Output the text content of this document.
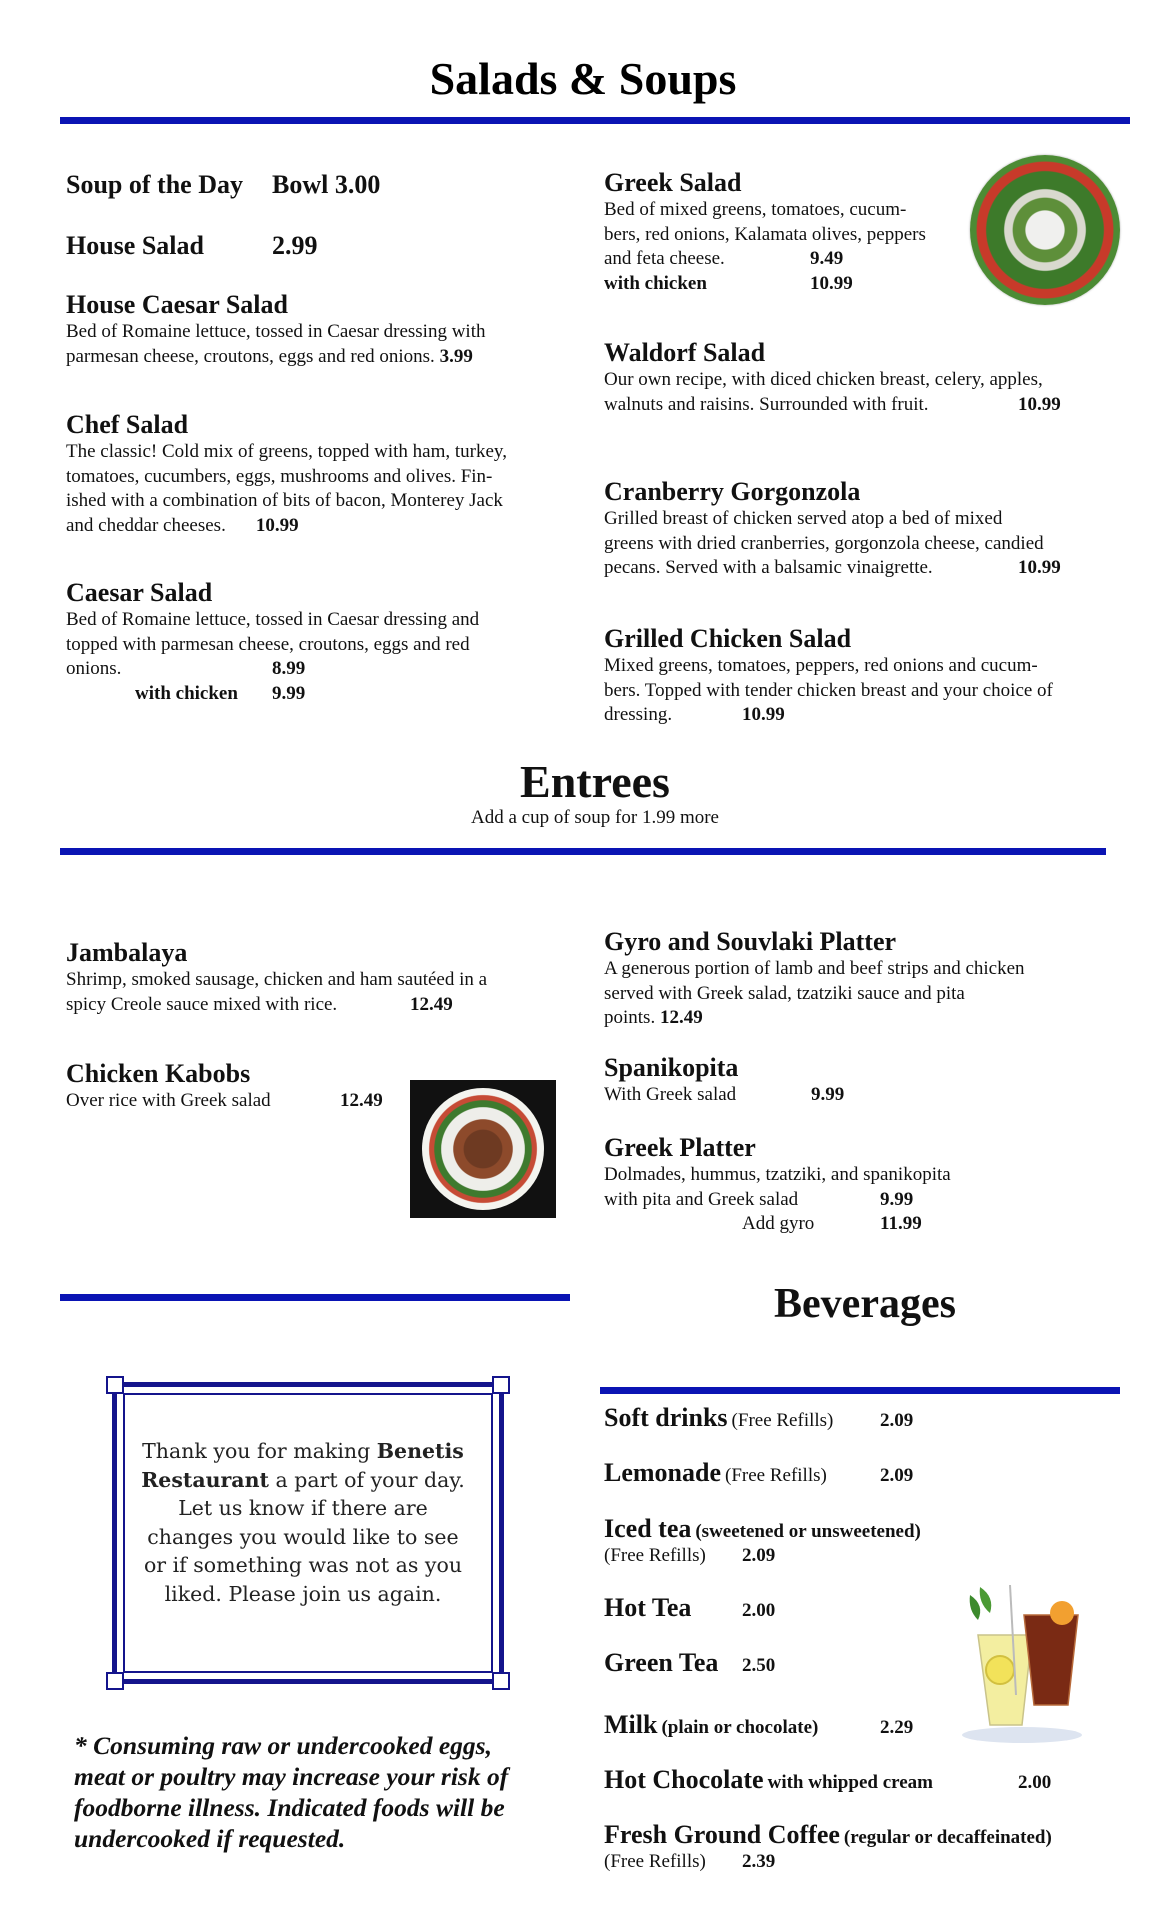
Salads & Soups
Soup of the Day Bowl 3.00
House Salad	2.99
House Caesar Salad
Bed of Romaine lettuce, tossed in Caesar dressing with
parmesan cheese, croutons, eggs and red onions. 3.99
Chef Salad
The classic! Cold mix of greens, topped with ham, turkey,
tomatoes, cucumbers, eggs, mushrooms and olives. Fin-
ished with a combination of bits of bacon, Monterey Jack
and cheddar cheeses. 10.99
Caesar Salad
Bed of Romaine lettuce, tossed in Caesar dressing and
topped with parmesan cheese, croutons, eggs and red
onions.	8.99
with chicken 9.99

Greek Salad
Bed of mixed greens, tomatoes, cucum-
bers, red onions, Kalamata olives, peppers
and feta cheese.	9.49
with chicken	10.99
Waldorf Salad
Our own recipe, with diced chicken breast, celery, apples,
walnuts and raisins. Surrounded with fruit.	10.99
Cranberry Gorgonzola
Grilled breast of chicken served atop a bed of mixed
greens with dried cranberries, gorgonzola cheese, candied
pecans. Served with a balsamic vinaigrette.	10.99
Grilled Chicken Salad
Mixed greens, tomatoes, peppers, red onions and cucum-
bers. Topped with tender chicken breast and your choice of
dressing.	10.99
Entrees
Add a cup of soup for 1.99 more
Jambalaya
Shrimp, smoked sausage, chicken and ham sautéed in a
spicy Creole sauce mixed with rice.	12.49
Chicken Kabobs
Over rice with Greek salad	12.49
Gyro and Souvlaki Platter
A generous portion of lamb and beef strips and chicken
served with Greek salad, tzatziki sauce and pita
points. 12.49
Spanikopita
With Greek salad	9.99
Greek Platter
Dolmades, hummus, tzatziki, and spanikopita
with pita and Greek salad	9.99
Add gyro	11.99

Beverages
Thank you for making Benetis
Restaurant a part of your day.
Let us know if there are
changes you would like to see
or if something was not as you
liked. Please join us again.
* Consuming raw or undercooked eggs,
meat or poultry may increase your risk of
foodborne illness. Indicated foods will be
undercooked if requested.
Soft drinks (Free Refills) 2.09
Lemonade (Free Refills)	2.09
Iced tea (sweetened or unsweetened)
(Free Refills) 2.09
Hot Tea	2.00
Green Tea 2.50
Milk (plain or chocolate)	2.29
Hot Chocolate with whipped cream	2.00
Fresh Ground Coffee (regular or decaffeinated)
(Free Refills) 2.39
